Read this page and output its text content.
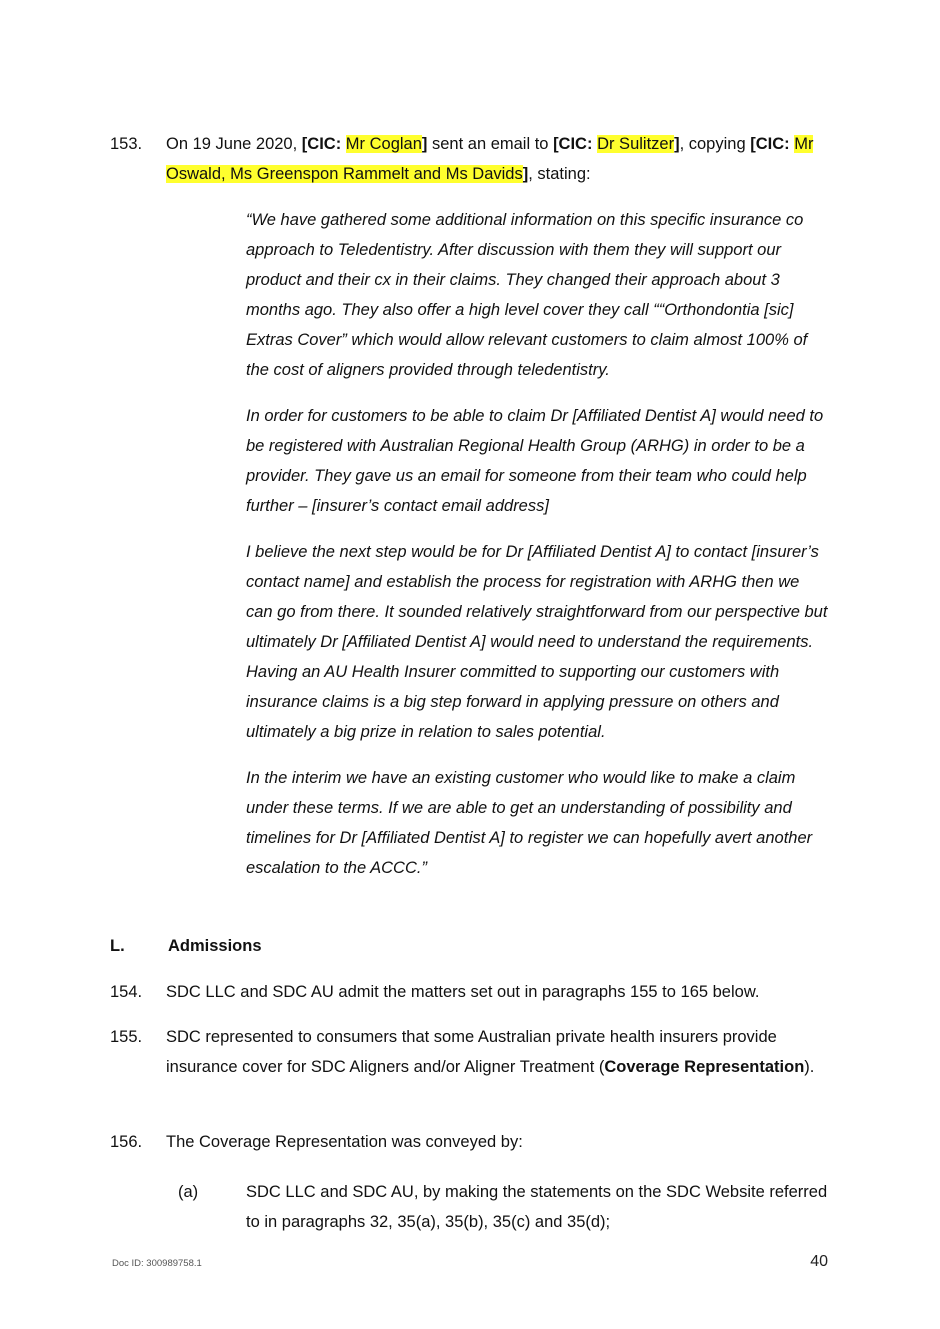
153. On 19 June 2020, [CIC: Mr Coglan] sent an email to [CIC: Dr Sulitzer], copying [CIC: Mr Oswald, Ms Greenspon Rammelt and Ms Davids], stating:

“We have gathered some additional information on this specific insurance co approach to Teledentistry. After discussion with them they will support our product and their cx in their claims. They changed their approach about 3 months ago. They also offer a high level cover they call ““Orthondontia [sic] Extras Cover” which would allow relevant customers to claim almost 100% of the cost of aligners provided through teledentistry.

In order for customers to be able to claim Dr [Affiliated Dentist A] would need to be registered with Australian Regional Health Group (ARHG) in order to be a provider. They gave us an email for someone from their team who could help further – [insurer’s contact email address]

I believe the next step would be for Dr [Affiliated Dentist A] to contact [insurer’s contact name] and establish the process for registration with ARHG then we can go from there. It sounded relatively straightforward from our perspective but ultimately Dr [Affiliated Dentist A] would need to understand the requirements. Having an AU Health Insurer committed to supporting our customers with insurance claims is a big step forward in applying pressure on others and ultimately a big prize in relation to sales potential.

In the interim we have an existing customer who would like to make a claim under these terms. If we are able to get an understanding of possibility and timelines for Dr [Affiliated Dentist A] to register we can hopefully avert another escalation to the ACCC.”

L.	Admissions
154. SDC LLC and SDC AU admit the matters set out in paragraphs 155 to 165 below.
155. SDC represented to consumers that some Australian private health insurers provide insurance cover for SDC Aligners and/or Aligner Treatment (Coverage Representation).
156. The Coverage Representation was conveyed by:
(a)	SDC LLC and SDC AU, by making the statements on the SDC Website referred to in paragraphs 32, 35(a), 35(b), 35(c) and 35(d);
Doc ID: 300989758.1	40
